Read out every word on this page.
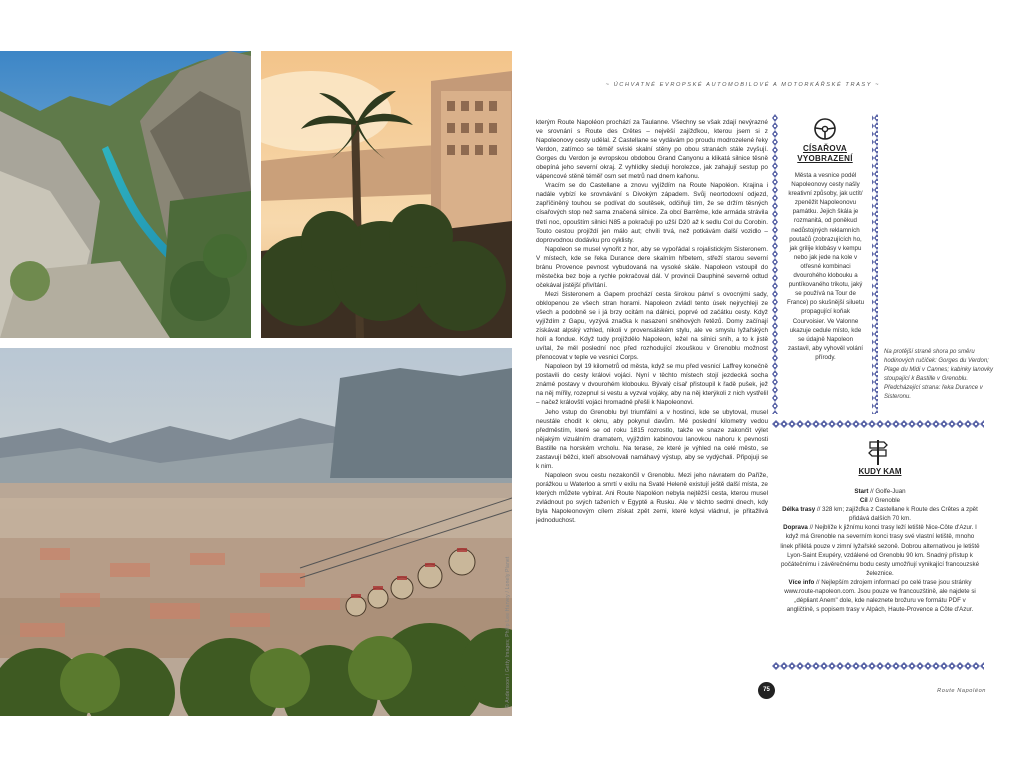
© Andersoon / Getty Images; Philip Lee Harvey / Lonely Planet
~ ÚCHVATNÉ EVROPSKÉ AUTOMOBILOVÉ A MOTORKÁŘSKÉ TRASY ~

kterým Route Napoléon prochází za Taulanne. Všechny se však zdají nevýrazné ve srovnání s Route des Crêtes – nejvěší zajížďkou, kterou jsem si z Napoleonovy cesty udělal. Z Castellane se vydávám po proudu modrozelené řeky Verdon, zatímco se téměř svislé skalní stěny po obou stranách stále zvyšují. Gorges du Verdon je evropskou obdobou Grand Canyonu a klikatá silnice těsně obepíná jeho severní okraj. Z vyhlídky sleduji horolezce, jak zahajují sestup po vápencové stěně téměř osm set metrů nad dnem kaňonu.

Vracím se do Castellane a znovu vyjíždím na Route Napoléon. Krajina i nadále vybízí ke srovnávání s Divokým západem. Svůj neortodoxní odjezd, zapříčiněný touhou se podívat do soutěsek, odčiňuji tím, že se držím těsných císařových stop než sama značená silnice. Za obcí Barrême, kde armáda strávila třetí noc, opouštím silnici N85 a pokračuji po užší D20 až k sedlu Col du Corobin. Touto cestou projíždí jen málo aut; chvíli trvá, než potkávám další vozidlo – doprovodnou dodávku pro cyklisty.

Napoleon se musel vynořit z hor, aby se vypořádal s rojalistickým Sisteronem. V místech, kde se řeka Durance dere skalním hřbetem, střeží starou severní bránu Provence pevnost vybudovaná na vysoké skále. Napoleon vstoupil do městečka bez boje a rychle pokračoval dál. V provincii Dauphiné severně odtud očekával jistější přivítání.

Mezi Sisteronem a Gapem prochází cesta širokou pánví s ovocnými sady, obklopenou ze všech stran horami. Napoleon zvládl tento úsek nejrychleji ze všech a podobně se i já brzy ocitám na dálnici, poprvé od začátku cesty. Když vyjíždím z Gapu, vyzývá značka k nasazení sněhových řetězů. Domy začínají získávat alpský vzhled, nikoli v provensálském stylu, ale ve smyslu lyžařských holí a fondue. Když tudy projíždělo Napoleon, ležel na silnici sníh, a to k jistě uvítal, že měl poslední noc před rozhodující zkouškou v Grenoblu možnost přenocovat v teple ve vesnici Corps.

Napoleon byl 19 kilometrů od města, když se mu před vesnicí Laffrey konečně postavili do cesty královi vojáci. Nyní v těchto místech stojí jezdecká socha známé postavy v dvourohém klobouku. Bývalý císař přistoupil k řadě pušek, jež na něj mířily, rozepnul si vestu a vyzval vojáky, aby na něj kterýkoli z nich vystřelil – načež královští vojáci hromadně přešli k Napoleonovi.

Jeho vstup do Grenoblu byl triumfální a v hostinci, kde se ubytoval, musel neustále chodit k oknu, aby pokynul davům. Mé poslední kilometry vedou předměstím, které se od roku 1815 rozrostlo, takže ve snaze zakončit výlet nějakým vizuálním dramatem, vyjíždím kabinovou lanovkou nahoru k pevnosti Bastille na horském vrcholu. Na terase, ze které je výhled na celé město, se zastavují běžci, kteří absolvovali namáhavý výstup, aby se vydýchali. Připojuji se k nim.

Napoleon svou cestu nezakončil v Grenoblu. Mezi jeho návratem do Paříže, porážkou u Waterloo a smrtí v exilu na Svaté Heleně existují ještě další místa, ze kterých můžete vybírat. Ani Route Napoléon nebyla nejtěžší cesta, kterou musel zvládnout po svých taženích v Egyptě a Rusku. Ale v těchto sedmi dnech, kdy byla Napoleonovým cílem získat zpět zemi, které kdysi vládnul, je přitažlivá jednoduchost.

CÍSAŘOVA
VYOBRAZENÍ
Města a vesnice podél Napoleonovy cesty našly kreativní způsoby, jak uctít/ zpeněžit Napoleonovu památku. Jejich škála je rozmanitá, od poněkud nedůstojných reklamních poutačů (zobrazujících ho, jak grilije klobásy v kempu nebo jak jede na kole v otřesné kombinaci dvourohého klobouku a puntíkovaného trikotu, jaký se používá na Tour de France) po skušnější siluetu propagující koňak Courvoisier. Ve Valonne ukazuje cedule místo, kde se údajně Napoleon zastavil, aby vyhověl volání přírody.
Na protější straně shora po směru hodinových ručiček: Gorges du Verdon; Plage du Midi v Cannes; kabinky lanovky stoupající k Bastille v Grenoblu. Předcházející strana: řeka Durance v Sisteronu.
KUDY KAM
Start // Golfe-Juan
Cíl // Grenoble
Délka trasy // 328 km; zajížďka z Castellane k Route des Crêtes a zpět přidává dalších 70 km.
Doprava // Nejblíže k jižnímu konci trasy leží letiště Nice-Côte d'Azur. I když má Grenoble na severním konci trasy své vlastní letiště, mnoho linek přilétá pouze v zimní lyžařské sezoně. Dobrou alternativou je letiště Lyon-Saint Exupéry, vzdálené od Grenoblu 90 km. Snadný přístup k počátečnímu i závěrečnému bodu cesty umožňují vynikající francouzské železnice.
Více info // Nejlepším zdrojem informací po celé trase jsou stránky www.route-napoleon.com. Jsou pouze ve francouzštině, ale najdete si „dépliant Anem" dole, kde naleznete brožuru ve formátu PDF v angličtině, s popisem trasy v Alpách, Haute-Provence a Côte d'Azur.
75	Route Napoléon
